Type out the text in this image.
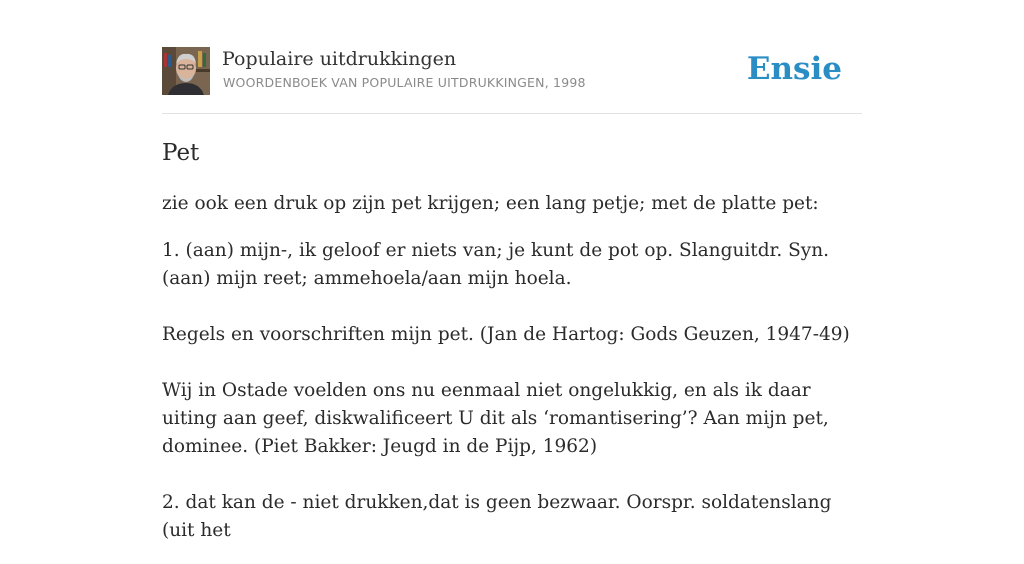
Populaire uitdrukkingen
WOORDENBOEK VAN POPULAIRE UITDRUKKINGEN, 1998	Ensie
Pet

zie ook een druk op zijn pet krijgen; een lang petje; met de platte pet:

1. (aan) mijn-, ik geloof er niets van; je kunt de pot op. Slanguitdr. Syn. (aan) mijn reet; ammehoela/aan mijn hoela.

Regels en voorschriften mijn pet. (Jan de Hartog: Gods Geuzen, 1947-49)

Wij in Ostade voelden ons nu eenmaal niet ongelukkig, en als ik daar uiting aan geef, diskwalificeert U dit als ‘romantisering’? Aan mijn pet, dominee. (Piet Bakker: Jeugd in de Pijp, 1962)

2. dat kan de - niet drukken,dat is geen bezwaar. Oorspr. soldatenslang (uit het
